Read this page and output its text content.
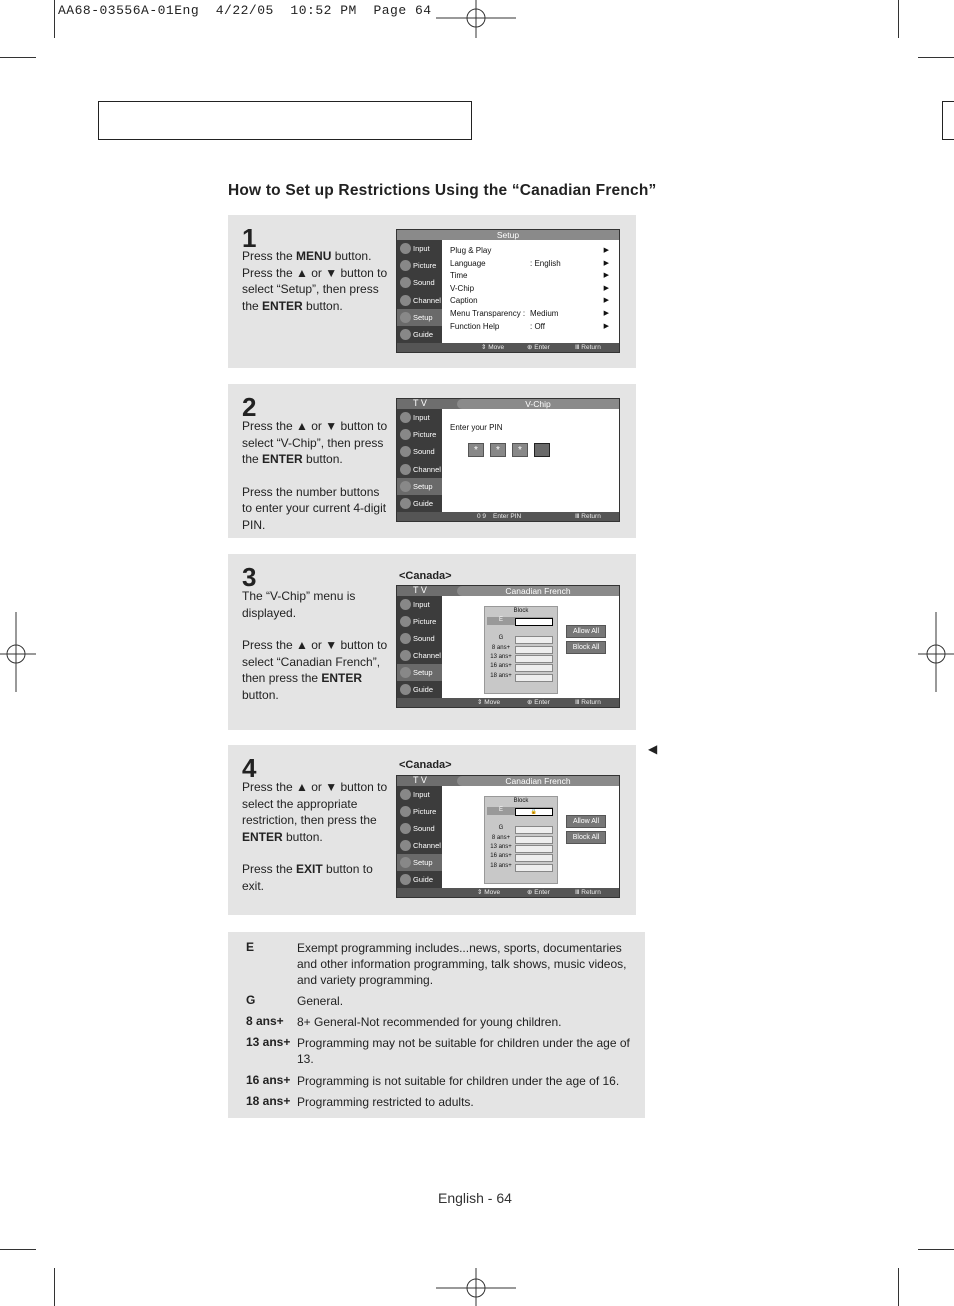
AA68-03556A-01Eng  4/22/05  10:52 PM  Page 64
How to Set up Restrictions Using the “Canadian French”
1
Press the MENU button.
Press the ▲ or ▼ button to select “Setup”, then press the ENTER button.
Setup
Input
Picture
Sound
Channel
Setup
Guide
Plug & Play	▶
Language	: English	▶
Time	▶
V-Chip	▶
Caption	▶
Menu Transparency : Medium	▶
Function Help	: Off	▶
⇕ Move	⊕ Enter	Ⅲ Return
2

Press the ▲ or ▼ button to select “V-Chip”, then press the ENTER button.

Press the number buttons to enter your current 4-digit PIN.

T V	V-Chip
Input
Picture
Sound
Channel
Setup
Guide
Enter your PIN
*	*	*
0 9 Enter PIN	Ⅲ Return
3

The “V-Chip” menu is displayed.

Press the ▲ or ▼ button to select “Canadian French”, then press the ENTER button.

<Canada>
T V	Canadian French
Input
Picture
Sound
Channel
Setup
Guide
Block
E
G
8 ans+
13 ans+
16 ans+
18 ans+
Allow All
Block All
⇕ Move	⊕ Enter	Ⅲ Return
4

Press the ▲ or ▼ button to select the appropriate restriction, then press the ENTER button.

Press the EXIT button to exit.

<Canada>
T V	Canadian French
Input
Picture
Sound
Channel
Setup
Guide
Block
E	🔒
G
8 ans+
13 ans+
16 ans+
18 ans+
Allow All
Block All
⇕ Move	⊕ Enter	Ⅲ Return
◀
E	Exempt programming includes...news, sports, documentaries and other information programming, talk shows, music videos, and variety programming.
G	General.
8 ans+ 8+ General-Not recommended for young children.
13 ans+ Programming may not be suitable for children under the age of 13.
16 ans+ Programming is not suitable for children under the age of 16.
18 ans+ Programming restricted to adults.
English - 64
